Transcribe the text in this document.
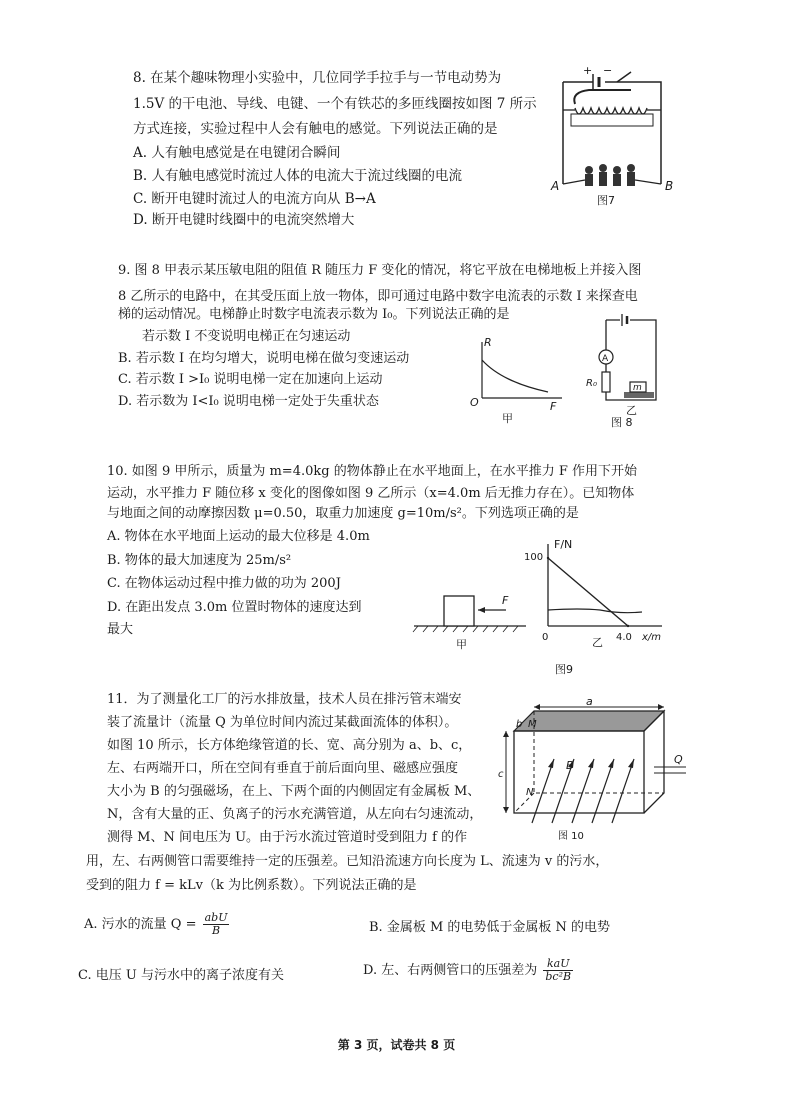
8. 在某个趣味物理小实验中，几位同学手拉手与一节电动势为
1.5V 的干电池、导线、电键、一个有铁芯的多匝线圈按如图 7 所示
方式连接，实验过程中人会有触电的感觉。下列说法正确的是
A. 人有触电感觉是在电键闭合瞬间
B. 人有触电感觉时流过人体的电流大于流过线圈的电流
C. 断开电键时流过人的电流方向从 B→A
D. 断开电键时线圈中的电流突然增大
+ −
A	B
图7
9. 图 8 甲表示某压敏电阻的阻值 R 随压力 F 变化的情况，将它平放在电梯地板上并接入图
8 乙所示的电路中，在其受压面上放一物体，即可通过电路中数字电流表的示数 I 来探查电
梯的运动情况。电梯静止时数字电流表示数为 I₀。下列说法正确的是
若示数 I 不变说明电梯正在匀速运动
B. 若示数 I 在均匀增大，说明电梯在做匀变速运动
C. 若示数 I >I₀ 说明电梯一定在加速向上运动
D. 若示数为 I<I₀ 说明电梯一定处于失重状态
R
F
O
甲
A
R₀	m
乙
图 8
10. 如图 9 甲所示，质量为 m=4.0kg 的物体静止在水平地面上，在水平推力 F 作用下开始
运动，水平推力 F 随位移 x 变化的图像如图 9 乙所示（x=4.0m 后无推力存在）。已知物体
与地面之间的动摩擦因数 μ=0.50，取重力加速度 g=10m/s²。下列选项正确的是
A. 物体在水平地面上运动的最大位移是 4.0m
B. 物体的最大加速度为 25m/s²
C. 在物体运动过程中推力做的功为 200J
D. 在距出发点 3.0m 位置时物体的速度达到
最大
F
甲
F/N
x/m
100
4.0
0	乙
图9
11．为了测量化工厂的污水排放量，技术人员在排污管末端安
装了流量计（流量 Q 为单位时间内流过某截面流体的体积）。
如图 10 所示，长方体绝缘管道的长、宽、高分别为 a、b、c，
左、右两端开口，所在空间有垂直于前后面向里、磁感应强度
大小为 B 的匀强磁场，在上、下两个面的内侧固定有金属板 M、
N，含有大量的正、负离子的污水充满管道，从左向右匀速流动，
测得 M、N 间电压为 U。由于污水流过管道时受到阻力 f 的作
用，左、右两侧管口需要维持一定的压强差。已知沿流速方向长度为 L、流速为 v 的污水，
受到的阻力 f = kLv（k 为比例系数）。下列说法正确的是
a
B
M
N
b
c
Q
图 10
A. 污水的流量 $Q = \frac{\text{abU}}{B}$	B. 金属板 M 的电势低于金属板 N 的电势
C. 电压 U 与污水中的离子浓度有关	D. 左、右两侧管口的压强差为 $\frac{\text{kaU}}{\text{bc²B}}$
第 3 页，试卷共 8 页
